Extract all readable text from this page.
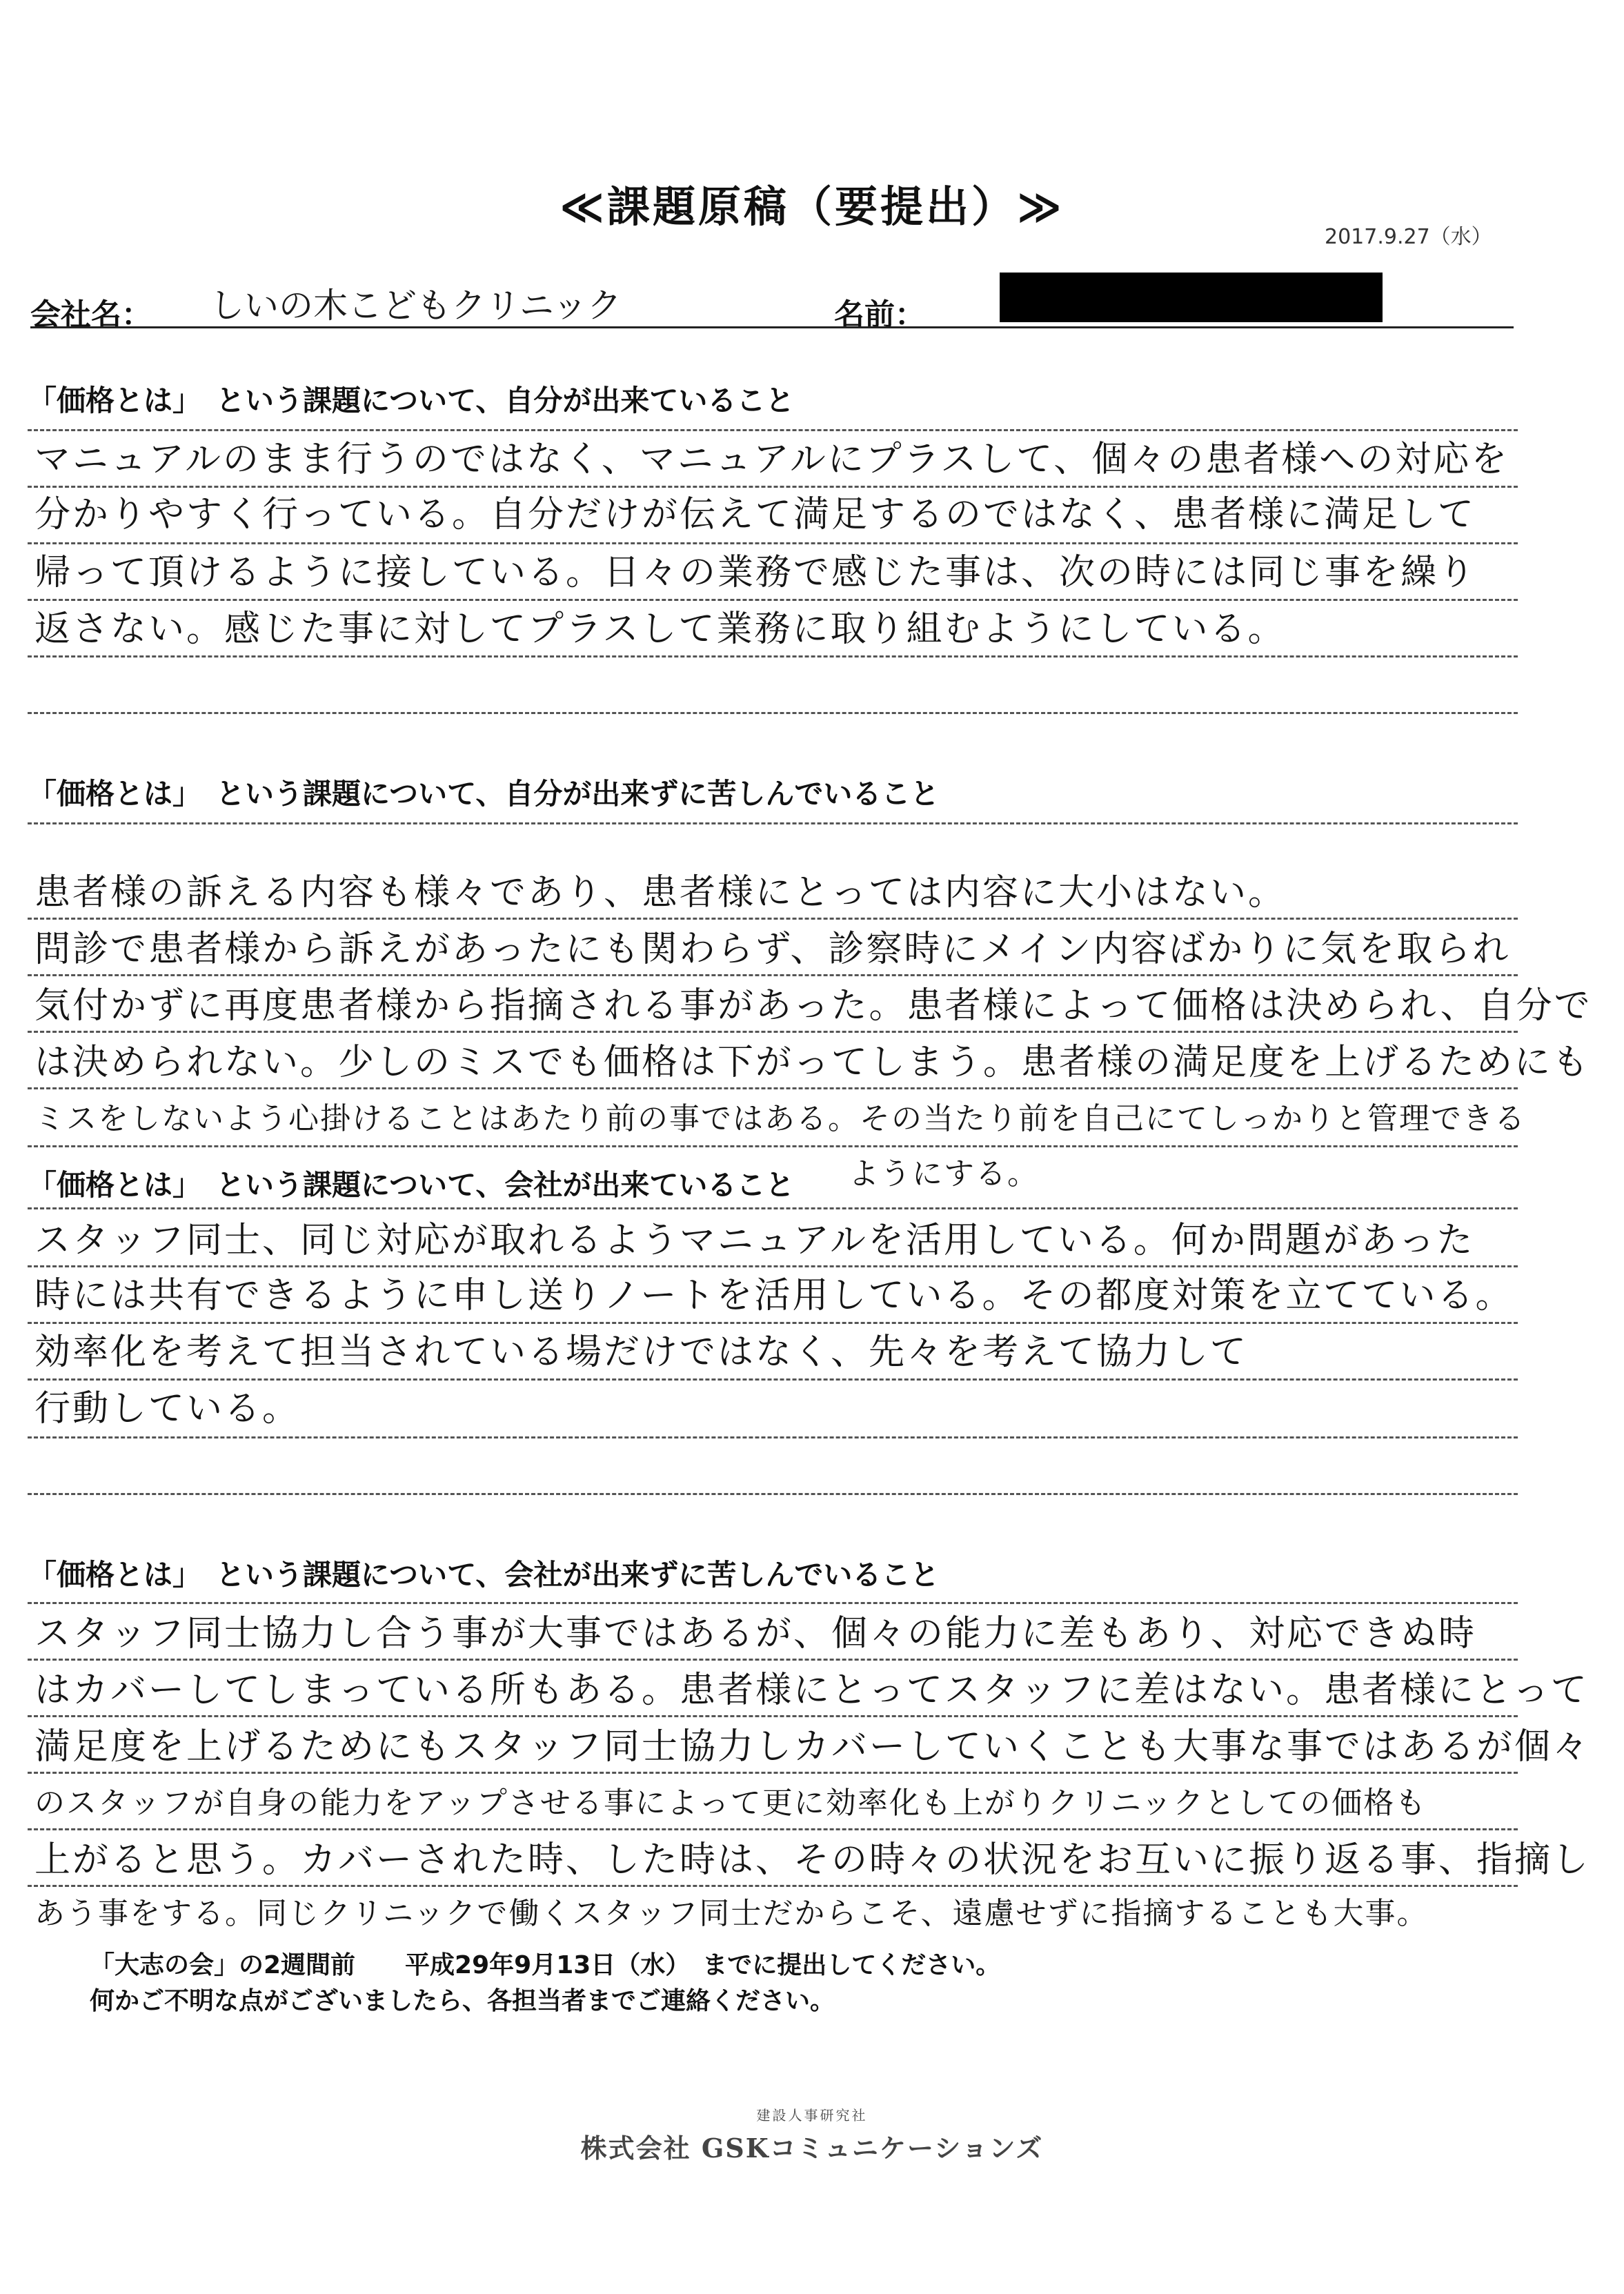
≪課題原稿（要提出）≫
2017.9.27（水）
会社名： しいの木こどもクリニック	名前：
「価格とは」　という課題について、自分が出来ていること
マニュアルのまま行うのではなく、マニュアルにプラスして、個々の患者様への対応を
分かりやすく行っている。自分だけが伝えて満足するのではなく、患者様に満足して
帰って頂けるように接している。日々の業務で感じた事は、次の時には同じ事を繰り
返さない。感じた事に対してプラスして業務に取り組むようにしている。
「価格とは」　という課題について、自分が出来ずに苦しんでいること
患者様の訴える内容も様々であり、患者様にとっては内容に大小はない。
問診で患者様から訴えがあったにも関わらず、診察時にメイン内容ばかりに気を取られ
気付かずに再度患者様から指摘される事があった。患者様によって価格は決められ、自分で
は決められない。少しのミスでも価格は下がってしまう。患者様の満足度を上げるためにも
ミスをしないよう心掛けることはあたり前の事ではある。その当たり前を自己にてしっかりと管理できる
ようにする。
「価格とは」　という課題について、会社が出来ていること
スタッフ同士、同じ対応が取れるようマニュアルを活用している。何か問題があった
時には共有できるように申し送りノートを活用している。その都度対策を立てている。
効率化を考えて担当されている場だけではなく、先々を考えて協力して
行動している。
「価格とは」　という課題について、会社が出来ずに苦しんでいること
スタッフ同士協力し合う事が大事ではあるが、個々の能力に差もあり、対応できぬ時
はカバーしてしまっている所もある。患者様にとってスタッフに差はない。患者様にとって
満足度を上げるためにもスタッフ同士協力しカバーしていくことも大事な事ではあるが個々
のスタッフが自身の能力をアップさせる事によって更に効率化も上がりクリニックとしての価格も
上がると思う。カバーされた時、した時は、その時々の状況をお互いに振り返る事、指摘し
あう事をする。同じクリニックで働くスタッフ同士だからこそ、遠慮せずに指摘することも大事。
「大志の会」の2週間前　　平成29年9月13日（水）　までに提出してください。
何かご不明な点がございましたら、各担当者までご連絡ください。
建設人事研究社
株式会社 GSKコミュニケーションズ
